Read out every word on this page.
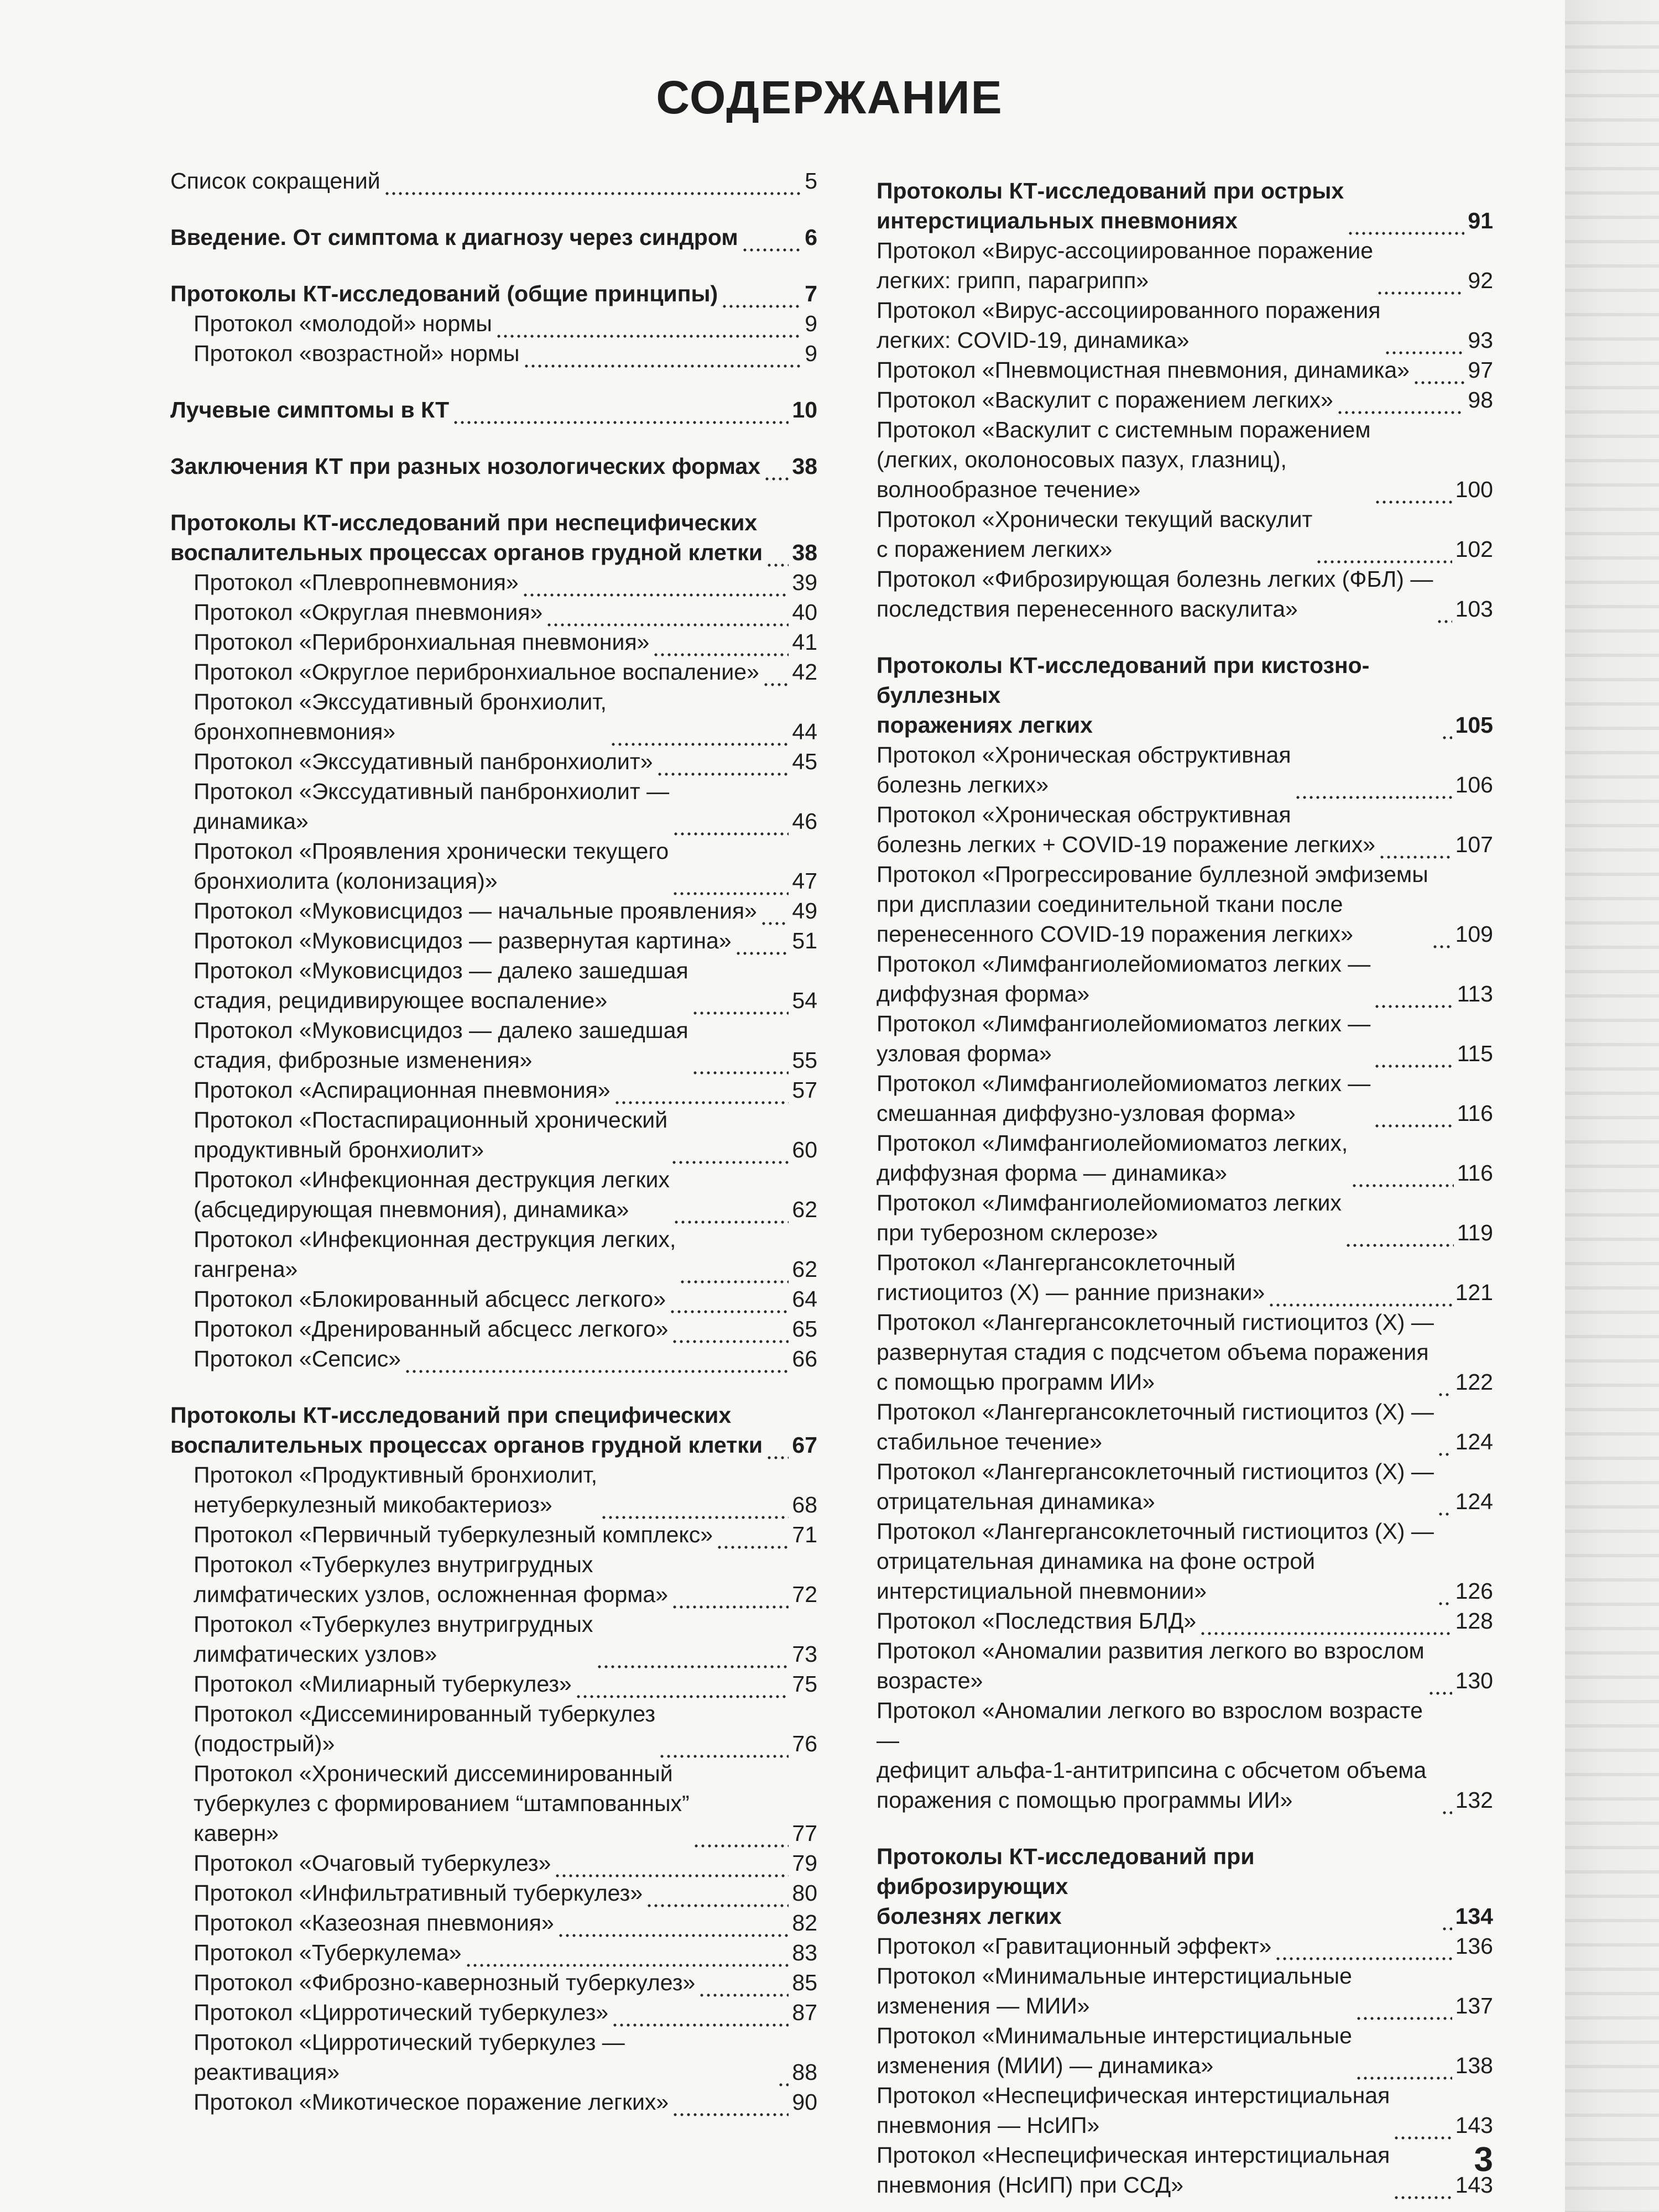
СОДЕРЖАНИЕ
Список сокращений	5
Введение. От симптома к диагнозу через синдром	6
Протоколы КТ-исследований (общие принципы)	7
Протокол «молодой» нормы	9
Протокол «возрастной» нормы	9
Лучевые симптомы в КТ	10
Заключения КТ при разных нозологических формах 38
Протоколы КТ-исследований при неспецифических
воспалительных процессах органов грудной клетки 38
Протокол «Плевропневмония»	39
Протокол «Округлая пневмония»	40
Протокол «Перибронхиальная пневмония»	41
Протокол «Округлое перибронхиальное воспаление» 42
Протокол «Экссудативный бронхиолит,
бронхопневмония»	44
Протокол «Экссудативный панбронхиолит»	45
Протокол «Экссудативный панбронхиолит —
динамика»	46
Протокол «Проявления хронически текущего
бронхиолита (колонизация)»	47
Протокол «Муковисцидоз — начальные проявления» 49
Протокол «Муковисцидоз — развернутая картина»	51
Протокол «Муковисцидоз — далеко зашедшая
стадия, рецидивирующее воспаление»	54
Протокол «Муковисцидоз — далеко зашедшая
стадия, фиброзные изменения»	55
Протокол «Аспирационная пневмония»	57
Протокол «Постаспирационный хронический
продуктивный бронхиолит»	60
Протокол «Инфекционная деструкция легких
(абсцедирующая пневмония), динамика»	62
Протокол «Инфекционная деструкция легких,
гангрена»	62
Протокол «Блокированный абсцесс легкого»	64
Протокол «Дренированный абсцесс легкого»	65
Протокол «Сепсис»	66
Протоколы КТ-исследований при специфических
воспалительных процессах органов грудной клетки 67
Протокол «Продуктивный бронхиолит,
нетуберкулезный микобактериоз»	68
Протокол «Первичный туберкулезный комплекс»	71
Протокол «Туберкулез внутригрудных
лимфатических узлов, осложненная форма»	72
Протокол «Туберкулез внутригрудных
лимфатических узлов»	73
Протокол «Милиарный туберкулез»	75
Протокол «Диссеминированный туберкулез
(подострый)»	76
Протокол «Хронический диссеминированный
туберкулез с формированием “штампованных”
каверн»	77
Протокол «Очаговый туберкулез»	79
Протокол «Инфильтративный туберкулез»	80
Протокол «Казеозная пневмония»	82
Протокол «Туберкулема»	83
Протокол «Фиброзно-кавернозный туберкулез»	85
Протокол «Цирротический туберкулез»	87
Протокол «Цирротический туберкулез — реактивация»	88
Протокол «Микотическое поражение легких»	90
Протоколы КТ-исследований при острых
интерстициальных пневмониях	91
Протокол «Вирус-ассоциированное поражение
легких: грипп, парагрипп»	92
Протокол «Вирус-ассоциированного поражения
легких: COVID-19, динамика»	93
Протокол «Пневмоцистная пневмония, динамика»	97
Протокол «Васкулит с поражением легких»	98
Протокол «Васкулит с системным поражением
(легких, околоносовых пазух, глазниц),
волнообразное течение»	100
Протокол «Хронически текущий васкулит
с поражением легких»	102
Протокол «Фиброзирующая болезнь легких (ФБЛ) —
последствия перенесенного васкулита»	103
Протоколы КТ-исследований при кистозно-буллезных
поражениях легких	105
Протокол «Хроническая обструктивная
болезнь легких»	106
Протокол «Хроническая обструктивная
болезнь легких + COVID-19 поражение легких»	107
Протокол «Прогрессирование буллезной эмфиземы
при дисплазии соединительной ткани после
перенесенного COVID-19 поражения легких»	109
Протокол «Лимфангиолейомиоматоз легких —
диффузная форма»	113
Протокол «Лимфангиолейомиоматоз легких —
узловая форма»	115
Протокол «Лимфангиолейомиоматоз легких —
смешанная диффузно-узловая форма»	116
Протокол «Лимфангиолейомиоматоз легких,
диффузная форма — динамика»	116
Протокол «Лимфангиолейомиоматоз легких
при туберозном склерозе»	119
Протокол «Лангергансоклеточный
гистиоцитоз (Х) — ранние признаки»	121
Протокол «Лангергансоклеточный гистиоцитоз (Х) —
развернутая стадия с подсчетом объема поражения
с помощью программ ИИ»	122
Протокол «Лангергансоклеточный гистиоцитоз (Х) —
стабильное течение»	124
Протокол «Лангергансоклеточный гистиоцитоз (Х) —
отрицательная динамика»	124
Протокол «Лангергансоклеточный гистиоцитоз (Х) —
отрицательная динамика на фоне острой
интерстициальной пневмонии»	126
Протокол «Последствия БЛД»	128
Протокол «Аномалии развития легкого во взрослом
возрасте»	130
Протокол «Аномалии легкого во взрослом возрасте —
дефицит альфа-1-антитрипсина с обсчетом объема
поражения с помощью программы ИИ»	132
Протоколы КТ-исследований при фиброзирующих
болезнях легких	134
Протокол «Гравитационный эффект»	136
Протокол «Минимальные интерстициальные
изменения — МИИ»	137
Протокол «Минимальные интерстициальные
изменения (МИИ) — динамика»	138
Протокол «Неспецифическая интерстициальная
пневмония — НсИП»	143
Протокол «Неспецифическая интерстициальная
пневмония (НсИП) при ССД»	143
3
